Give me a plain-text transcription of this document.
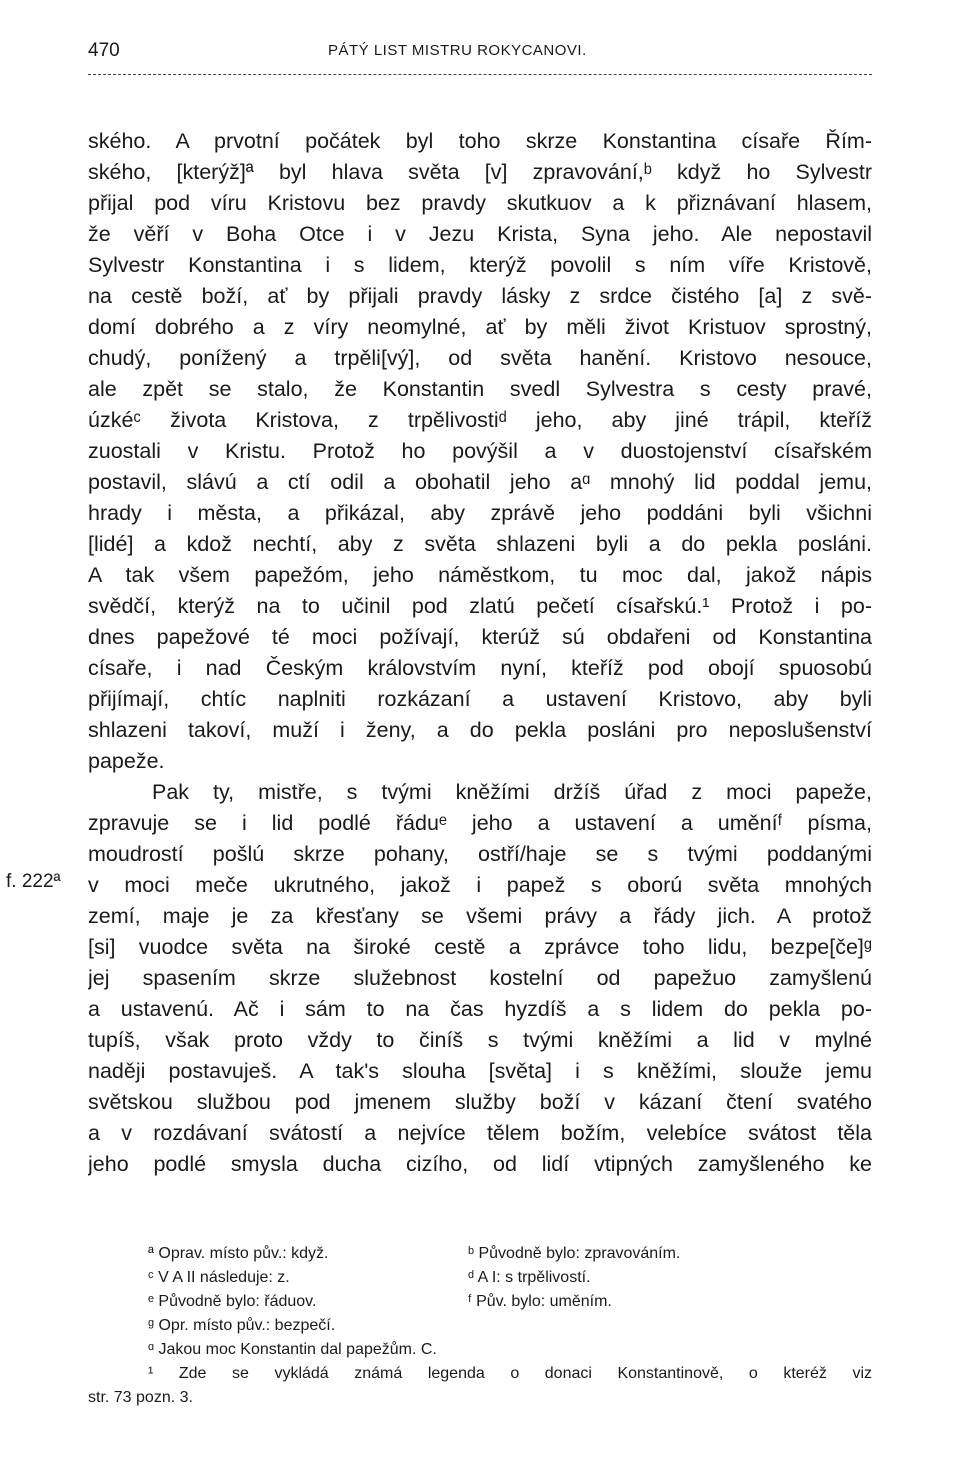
470	PÁTÝ LIST MISTRU ROKYCANOVI.
f. 222ª
ského. A prvotní počátek byl toho skrze Konstantina císaře Řím-
ského, [kterýž]ª byl hlava světa [v] zpravování,ᵇ když ho Sylvestr
přijal pod víru Kristovu bez pravdy skutkuov a k přiznávaní hlasem,
že věří v Boha Otce i v Jezu Krista, Syna jeho. Ale nepostavil
Sylvestr Konstantina i s lidem, kterýž povolil s ním víře Kristově,
na cestě boží, ať by přijali pravdy lásky z srdce čistého [a] z svě-
domí dobrého a z víry neomylné, ať by měli život Kristuov sprostný,
chudý, ponížený a trpěli[vý], od světa hanění. Kristovo nesouce,
ale zpět se stalo, že Konstantin svedl Sylvestra s cesty pravé,
úzkéᶜ života Kristova, z trpělivostiᵈ jeho, aby jiné trápil, kteříž
zuostali v Kristu. Protož ho povýšil a v duostojenství císařském
postavil, slávú a ctí odil a obohatil jeho aᵅ mnohý lid poddal jemu,
hrady i města, a přikázal, aby zprávě jeho poddáni byli všichni
[lidé] a kdož nechtí, aby z světa shlazeni byli a do pekla posláni.
A tak všem papežóm, jeho náměstkom, tu moc dal, jakož nápis
svědčí, kterýž na to učinil pod zlatú pečetí císařskú.¹ Protož i po-
dnes papežové té moci požívají, kterúž sú obdařeni od Konstantina
císaře, i nad Českým královstvím nyní, kteříž pod obojí spuosobú
přijímají, chtíc naplniti rozkázaní a ustavení Kristovo, aby byli
shlazeni takoví, muží i ženy, a do pekla posláni pro neposlušenství
papeže.
Pak ty, mistře, s tvými kněžími držíš úřad z moci papeže,
zpravuje se i lid podlé řáduᵉ jeho a ustavení a uměníᶠ písma,
moudrostí pošlú skrze pohany, ostří/haje se s tvými poddanými
v moci meče ukrutného, jakož i papež s oború světa mnohých
zemí, maje je za křesťany se všemi právy a řády jich. A protož
[si] vuodce světa na široké cestě a zprávce toho lidu, bezpe[če]ᵍ
jej spasením skrze služebnost kostelní od papežuo zamyšlenú
a ustavenú. Ač i sám to na čas hyzdíš a s lidem do pekla po-
tupíš, však proto vždy to činíš s tvými kněžími a lid v mylné
naději postavuješ. A tak's slouha [světa] i s kněžími, slouže jemu
světskou službou pod jmenem služby boží v kázaní čtení svatého
a v rozdávaní svátostí a nejvíce tělem božím, velebíce svátost těla
jeho podlé smysla ducha cizího, od lidí vtipných zamyšleného ke
ª Oprav. místo pův.: když.	ᵇ Původně bylo: zpravováním.
ᶜ V A II následuje: z.	ᵈ A I: s trpělivostí.
ᵉ Původně bylo: řáduov.	ᶠ Pův. bylo: uměním.
ᵍ Opr. místo pův.: bezpečí.
ᵅ Jakou moc Konstantin dal papežům. C.
¹ Zde se vykládá známá legenda o donaci Konstantinově, o kteréž viz
str. 73 pozn. 3.
